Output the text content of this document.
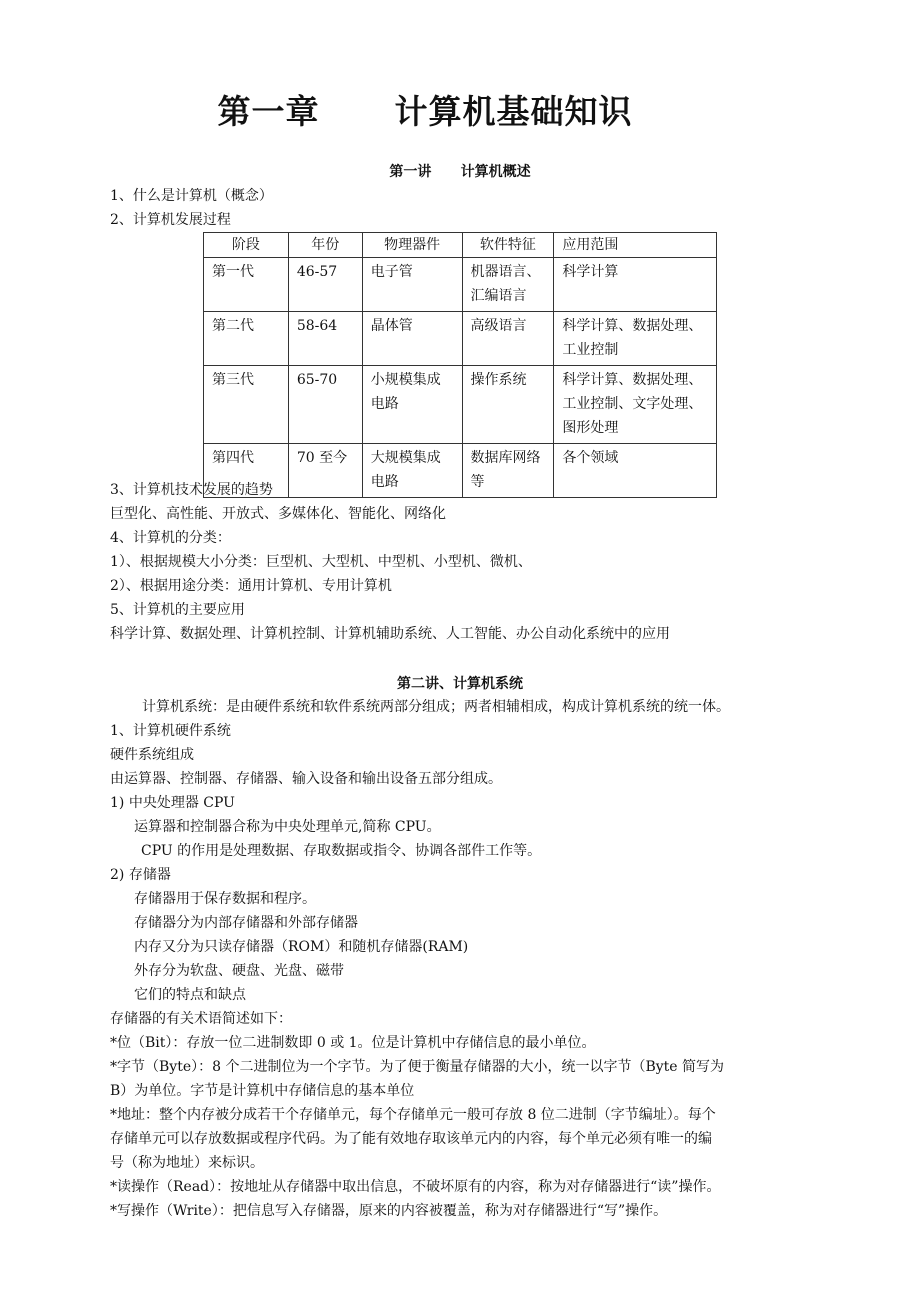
第一章      计算机基础知识
第一讲      计算机概述
1、什么是计算机（概念）
2、计算机发展过程
阶段	年份	物理器件	软件特征	应用范围
第一代	46-57	电子管	机器语言、汇编语言	科学计算
第二代	58-64	晶体管	高级语言	科学计算、数据处理、工业控制
第三代	65-70	小规模集成电路	操作系统	科学计算、数据处理、工业控制、文字处理、图形处理
第四代	70 至今	大规模集成电路	数据库网络等	各个领域
3、计算机技术发展的趋势
巨型化、高性能、开放式、多媒体化、智能化、网络化
4、计算机的分类：
1）、根据规模大小分类：巨型机、大型机、中型机、小型机、微机、
2）、根据用途分类：通用计算机、专用计算机
5、计算机的主要应用
科学计算、数据处理、计算机控制、计算机辅助系统、人工智能、办公自动化系统中的应用
第二讲、计算机系统
计算机系统：是由硬件系统和软件系统两部分组成；两者相辅相成，构成计算机系统的统一体。
1、计算机硬件系统
硬件系统组成
由运算器、控制器、存储器、输入设备和输出设备五部分组成。
1) 中央处理器 CPU
运算器和控制器合称为中央处理单元,简称 CPU。
CPU 的作用是处理数据、存取数据或指令、协调各部件工作等。
2) 存储器
存储器用于保存数据和程序。
存储器分为内部存储器和外部存储器
内存又分为只读存储器（ROM）和随机存储器(RAM)
外存分为软盘、硬盘、光盘、磁带
它们的特点和缺点
存储器的有关术语简述如下：
*位（Bit）：存放一位二进制数即 0 或 1。位是计算机中存储信息的最小单位。
*字节（Byte）：8 个二进制位为一个字节。为了便于衡量存储器的大小，统一以字节（Byte 简写为
B）为单位。字节是计算机中存储信息的基本单位
*地址：整个内存被分成若干个存储单元，每个存储单元一般可存放 8 位二进制（字节编址）。每个
存储单元可以存放数据或程序代码。为了能有效地存取该单元内的内容，每个单元必须有唯一的编
号（称为地址）来标识。
*读操作（Read）：按地址从存储器中取出信息，不破坏原有的内容，称为对存储器进行“读”操作。
*写操作（Write）：把信息写入存储器，原来的内容被覆盖，称为对存储器进行“写”操作。
